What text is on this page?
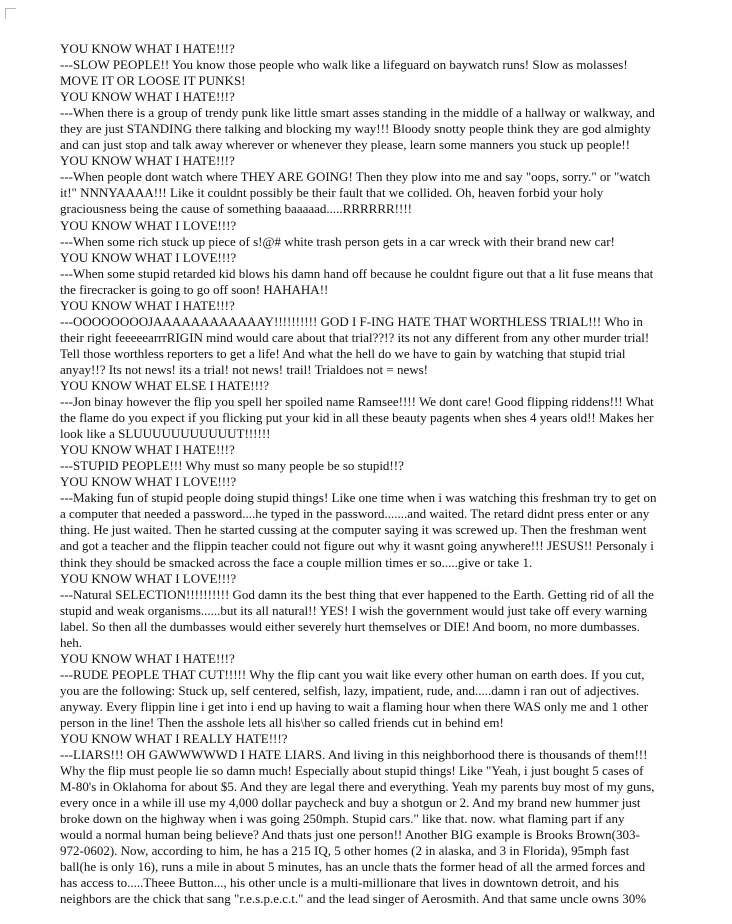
YOU KNOW WHAT I HATE!!!?
---SLOW PEOPLE!! You know those people who walk like a lifeguard on baywatch runs! Slow as molasses!
MOVE IT OR LOOSE IT PUNKS!
YOU KNOW WHAT I HATE!!!?
---When there is a group of trendy punk like little smart asses standing in the middle of a hallway or walkway, and
they are just STANDING there talking and blocking my way!!! Bloody snotty people think they are god almighty
and can just stop and talk away wherever or whenever they please, learn some manners you stuck up people!!
YOU KNOW WHAT I HATE!!!?
---When people dont watch where THEY ARE GOING! Then they plow into me and say "oops, sorry." or "watch
it!" NNNYAAAA!!! Like it couldnt possibly be their fault that we collided. Oh, heaven forbid your holy
graciousness being the cause of something baaaaad.....RRRRRR!!!!
YOU KNOW WHAT I LOVE!!!?
---When some rich stuck up piece of s!@# white trash person gets in a car wreck with their brand new car!
YOU KNOW WHAT I LOVE!!!?
---When some stupid retarded kid blows his damn hand off because he couldnt figure out that a lit fuse means that
the firecracker is going to go off soon! HAHAHA!!
YOU KNOW WHAT I HATE!!!?
---OOOOOOOOJAAAAAAAAAAAAY!!!!!!!!!! GOD I F-ING HATE THAT WORTHLESS TRIAL!!! Who in
their right feeeeearrrRIGIN mind would care about that trial??!? its not any different from any other murder trial!
Tell those worthless reporters to get a life! And what the hell do we have to gain by watching that stupid trial
anyay!!? Its not news! its a trial! not news! trail! Trialdoes not = news!
YOU KNOW WHAT ELSE I HATE!!!?
---Jon binay however the flip you spell her spoiled name Ramsee!!!! We dont care! Good flipping riddens!!! What
the flame do you expect if you flicking put your kid in all these beauty pagents when shes 4 years old!! Makes her
look like a SLUUUUUUUUUUUT!!!!!!
YOU KNOW WHAT I HATE!!!?
---STUPID PEOPLE!!! Why must so many people be so stupid!!?
YOU KNOW WHAT I LOVE!!!?
---Making fun of stupid people doing stupid things! Like one time when i was watching this freshman try to get on
a computer that needed a password....he typed in the password.......and waited. The retard didnt press enter or any
thing. He just waited. Then he started cussing at the computer saying it was screwed up. Then the freshman went
and got a teacher and the flippin teacher could not figure out why it wasnt going anywhere!!! JESUS!! Personaly i
think they should be smacked across the face a couple million times er so.....give or take 1.
YOU KNOW WHAT I LOVE!!!?
---Natural SELECTION!!!!!!!!!! God damn its the best thing that ever happened to the Earth. Getting rid of all the
stupid and weak organisms......but its all natural!! YES! I wish the government would just take off every warning
label. So then all the dumbasses would either severely hurt themselves or DIE! And boom, no more dumbasses.
heh.
YOU KNOW WHAT I HATE!!!?
---RUDE PEOPLE THAT CUT!!!!! Why the flip cant you wait like every other human on earth does. If you cut,
you are the following: Stuck up, self centered, selfish, lazy, impatient, rude, and.....damn i ran out of adjectives.
anyway. Every flippin line i get into i end up having to wait a flaming hour when there WAS only me and 1 other
person in the line! Then the asshole lets all his\her so called friends cut in behind em!
YOU KNOW WHAT I REALLY HATE!!!?
---LIARS!!! OH GAWWWWWD I HATE LIARS. And living in this neighborhood there is thousands of them!!!
Why the flip must people lie so damn much! Especially about stupid things! Like "Yeah, i just bought 5 cases of
M-80's in Oklahoma for about $5. And they are legal there and everything. Yeah my parents buy most of my guns,
every once in a while ill use my 4,000 dollar paycheck and buy a shotgun or 2. And my brand new hummer just
broke down on the highway when i was going 250mph. Stupid cars." like that. now. what flaming part if any
would a normal human being believe? And thats just one person!! Another BIG example is Brooks Brown(303-
972-0602). Now, according to him, he has a 215 IQ, 5 other homes (2 in alaska, and 3 in Florida), 95mph fast
ball(he is only 16), runs a mile in about 5 minutes, has an uncle thats the former head of all the armed forces and
has access to.....Theee Button..., his other uncle is a multi-millionare that lives in downtown detroit, and his
neighbors are the chick that sang "r.e.s.p.e.c.t." and the lead singer of Aerosmith. And that same uncle owns 30%
